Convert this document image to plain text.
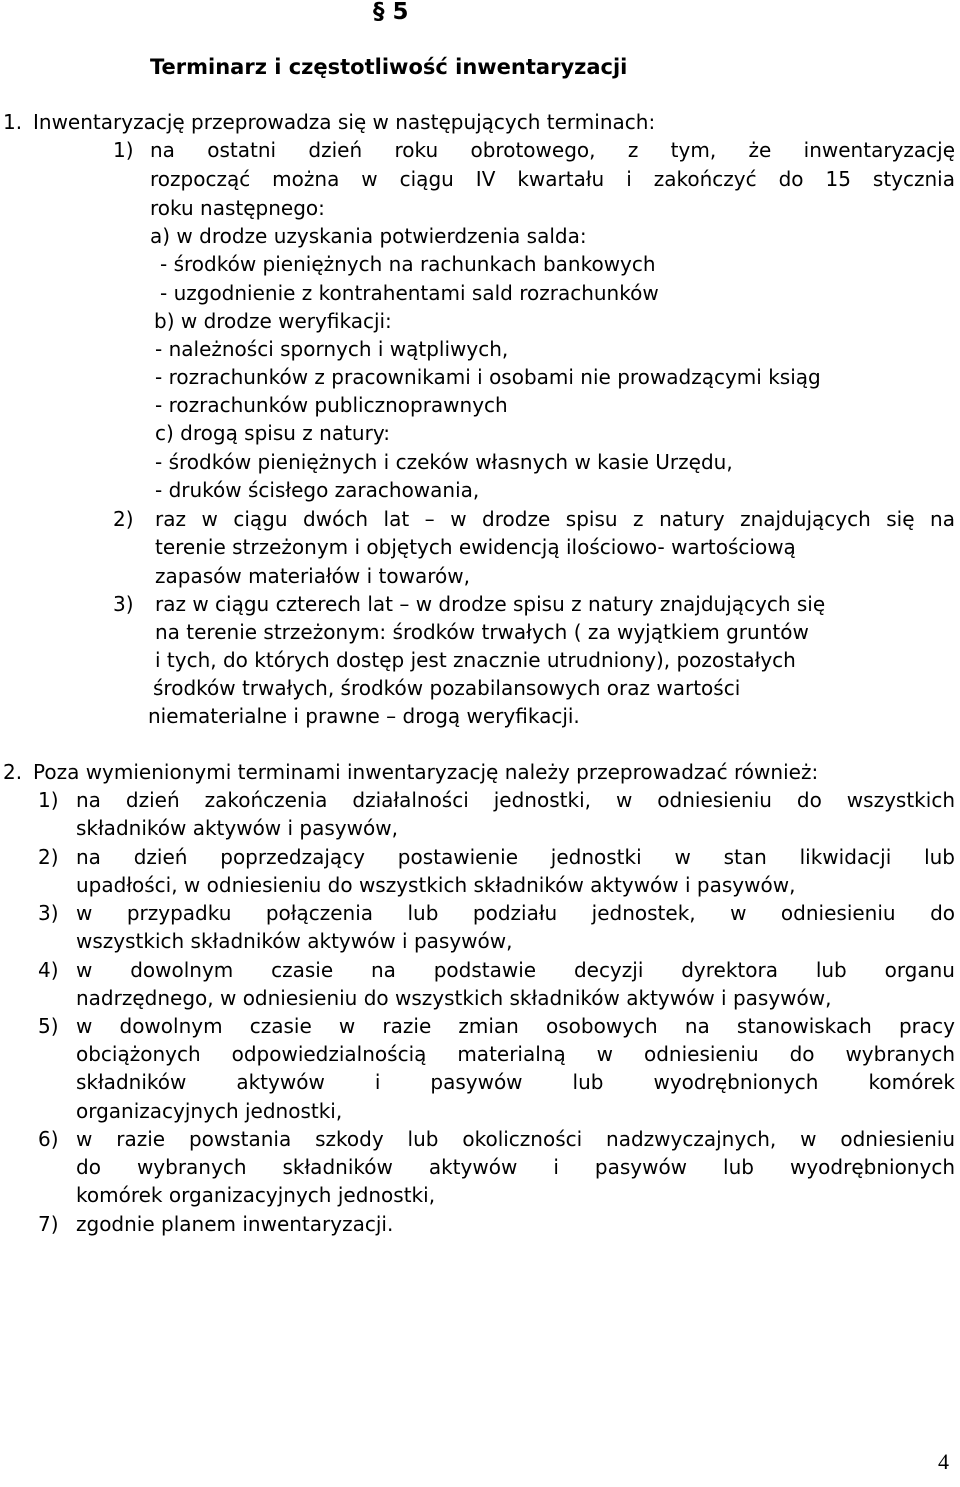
§ 5
Terminarz i częstotliwość inwentaryzacji
1. Inwentaryzację przeprowadza się w następujących terminach:
1) na ostatni dzień roku obrotowego, z tym, że inwentaryzację
rozpocząć można w ciągu IV kwartału i zakończyć do 15 stycznia
roku następnego:
a) w drodze uzyskania potwierdzenia salda:
- środków pieniężnych na rachunkach bankowych
- uzgodnienie z kontrahentami sald rozrachunków
b) w drodze weryfikacji:
- należności spornych i wątpliwych,
- rozrachunków z pracownikami i osobami nie prowadzącymi ksiąg
- rozrachunków publicznoprawnych
c) drogą spisu z natury:
- środków pieniężnych i czeków własnych w kasie Urzędu,
- druków ścisłego zarachowania,
2) raz w ciągu dwóch lat – w drodze spisu z natury znajdujących się na
terenie strzeżonym i objętych ewidencją ilościowo- wartościową
zapasów materiałów i towarów,
3) raz w ciągu czterech lat – w drodze spisu z natury znajdujących się
na terenie strzeżonym: środków trwałych ( za wyjątkiem gruntów
i tych, do których dostęp jest znacznie utrudniony), pozostałych
środków trwałych, środków pozabilansowych oraz wartości
niematerialne i prawne – drogą weryfikacji.
2. Poza wymienionymi terminami inwentaryzację należy przeprowadzać również:
1) na dzień zakończenia działalności jednostki, w odniesieniu do wszystkich
składników aktywów i pasywów,
2) na dzień poprzedzający postawienie jednostki w stan likwidacji lub
upadłości, w odniesieniu do wszystkich składników aktywów i pasywów,
3) w przypadku połączenia lub podziału jednostek, w odniesieniu do
wszystkich składników aktywów i pasywów,
4) w dowolnym czasie na podstawie decyzji dyrektora lub organu
nadrzędnego, w odniesieniu do wszystkich składników aktywów i pasywów,
5) w dowolnym czasie w razie zmian osobowych na stanowiskach pracy
obciążonych odpowiedzialnością materialną w odniesieniu do wybranych
składników aktywów i pasywów lub wyodrębnionych komórek
organizacyjnych jednostki,
6) w razie powstania szkody lub okoliczności nadzwyczajnych, w odniesieniu
do wybranych składników aktywów i pasywów lub wyodrębnionych
komórek organizacyjnych jednostki,
7) zgodnie planem inwentaryzacji.
4
